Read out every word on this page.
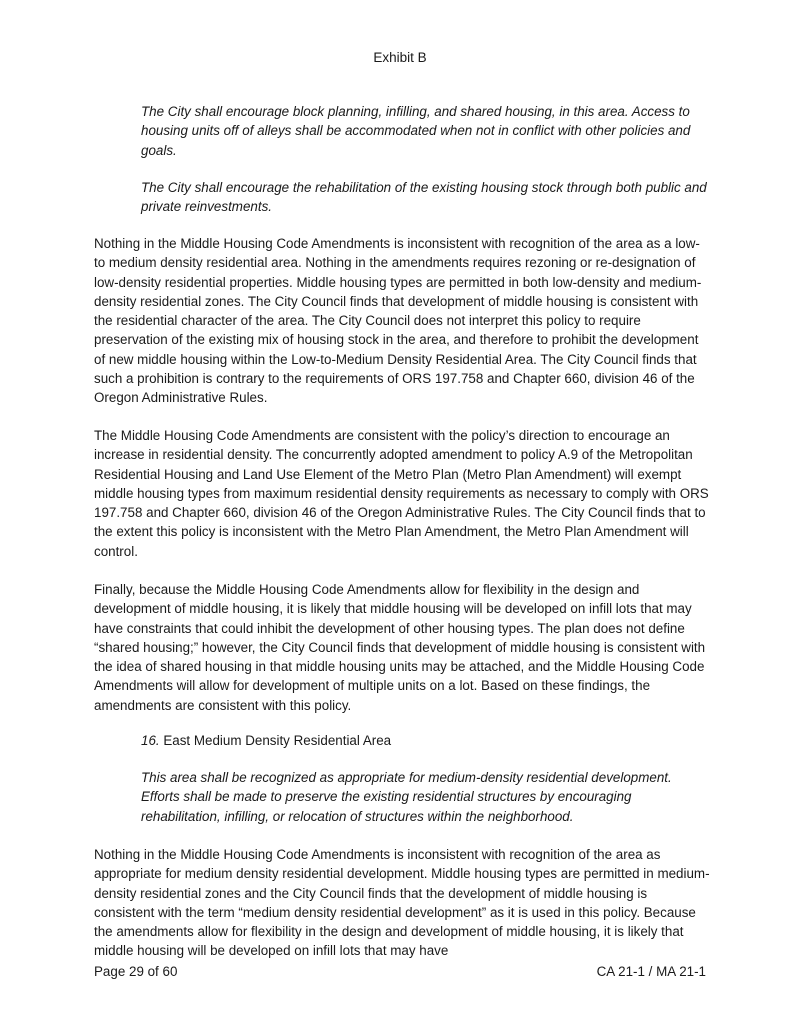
Exhibit B
The City shall encourage block planning, infilling, and shared housing, in this area. Access to housing units off of alleys shall be accommodated when not in conflict with other policies and goals.
The City shall encourage the rehabilitation of the existing housing stock through both public and private reinvestments.
Nothing in the Middle Housing Code Amendments is inconsistent with recognition of the area as a low-to medium density residential area. Nothing in the amendments requires rezoning or re-designation of low-density residential properties. Middle housing types are permitted in both low-density and medium-density residential zones. The City Council finds that development of middle housing is consistent with the residential character of the area. The City Council does not interpret this policy to require preservation of the existing mix of housing stock in the area, and therefore to prohibit the development of new middle housing within the Low-to-Medium Density Residential Area. The City Council finds that such a prohibition is contrary to the requirements of ORS 197.758 and Chapter 660, division 46 of the Oregon Administrative Rules.
The Middle Housing Code Amendments are consistent with the policy’s direction to encourage an increase in residential density. The concurrently adopted amendment to policy A.9 of the Metropolitan Residential Housing and Land Use Element of the Metro Plan (Metro Plan Amendment) will exempt middle housing types from maximum residential density requirements as necessary to comply with ORS 197.758 and Chapter 660, division 46 of the Oregon Administrative Rules. The City Council finds that to the extent this policy is inconsistent with the Metro Plan Amendment, the Metro Plan Amendment will control.
Finally, because the Middle Housing Code Amendments allow for flexibility in the design and development of middle housing, it is likely that middle housing will be developed on infill lots that may have constraints that could inhibit the development of other housing types. The plan does not define “shared housing;” however, the City Council finds that development of middle housing is consistent with the idea of shared housing in that middle housing units may be attached, and the Middle Housing Code Amendments will allow for development of multiple units on a lot. Based on these findings, the amendments are consistent with this policy.
16. East Medium Density Residential Area
This area shall be recognized as appropriate for medium-density residential development. Efforts shall be made to preserve the existing residential structures by encouraging rehabilitation, infilling, or relocation of structures within the neighborhood.
Nothing in the Middle Housing Code Amendments is inconsistent with recognition of the area as appropriate for medium density residential development. Middle housing types are permitted in medium-density residential zones and the City Council finds that the development of middle housing is consistent with the term “medium density residential development” as it is used in this policy. Because the amendments allow for flexibility in the design and development of middle housing, it is likely that middle housing will be developed on infill lots that may have
Page 29 of 60	CA 21-1 / MA 21-1
